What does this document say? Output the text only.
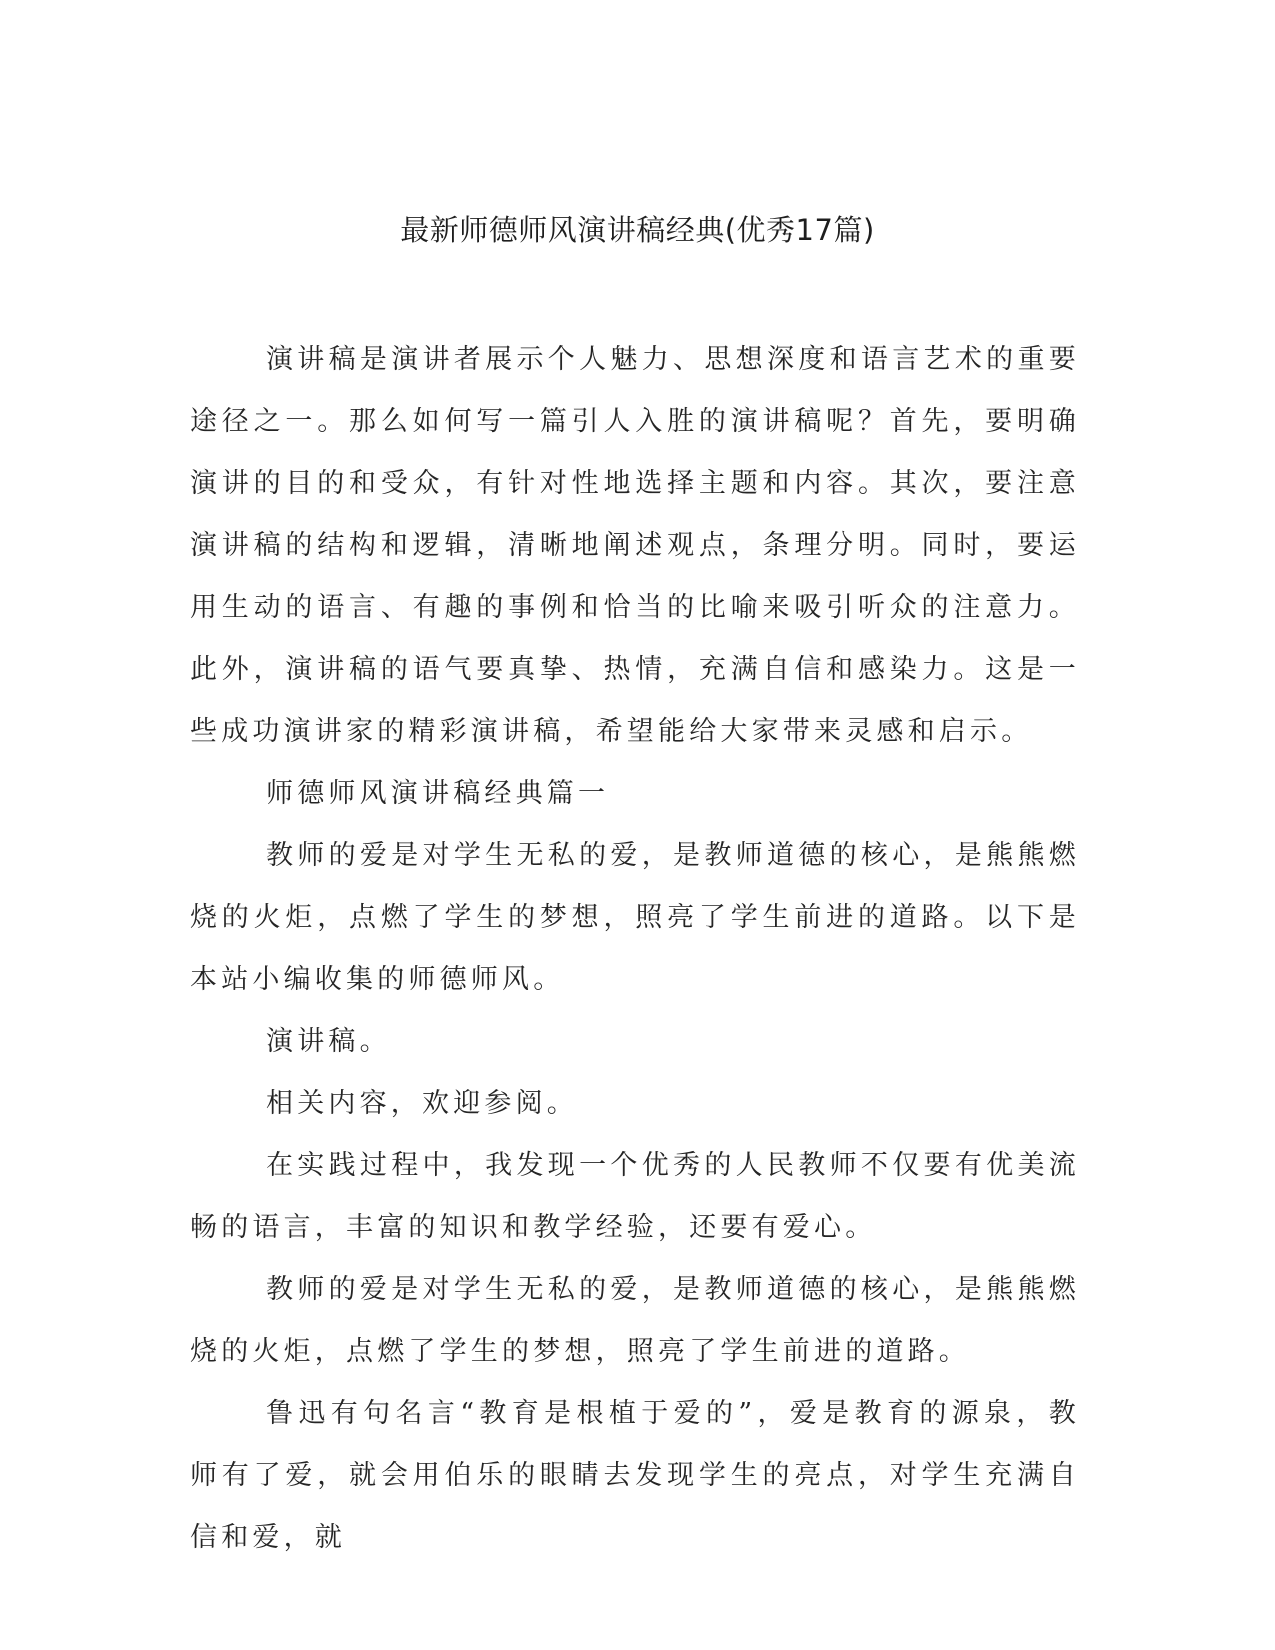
最新师德师风演讲稿经典(优秀17篇)

演讲稿是演讲者展示个人魅力、思想深度和语言艺术的重要途径之一。那么如何写一篇引人入胜的演讲稿呢？首先，要明确演讲的目的和受众，有针对性地选择主题和内容。其次，要注意演讲稿的结构和逻辑，清晰地阐述观点，条理分明。同时，要运用生动的语言、有趣的事例和恰当的比喻来吸引听众的注意力。此外，演讲稿的语气要真挚、热情，充满自信和感染力。这是一些成功演讲家的精彩演讲稿，希望能给大家带来灵感和启示。

师德师风演讲稿经典篇一

教师的爱是对学生无私的爱，是教师道德的核心，是熊熊燃烧的火炬，点燃了学生的梦想，照亮了学生前进的道路。以下是本站小编收集的师德师风。

演讲稿。

相关内容，欢迎参阅。

在实践过程中，我发现一个优秀的人民教师不仅要有优美流畅的语言，丰富的知识和教学经验，还要有爱心。

教师的爱是对学生无私的爱，是教师道德的核心，是熊熊燃烧的火炬，点燃了学生的梦想，照亮了学生前进的道路。

鲁迅有句名言“教育是根植于爱的”，爱是教育的源泉，教师有了爱，就会用伯乐的眼睛去发现学生的亮点，对学生充满自信和爱，就
